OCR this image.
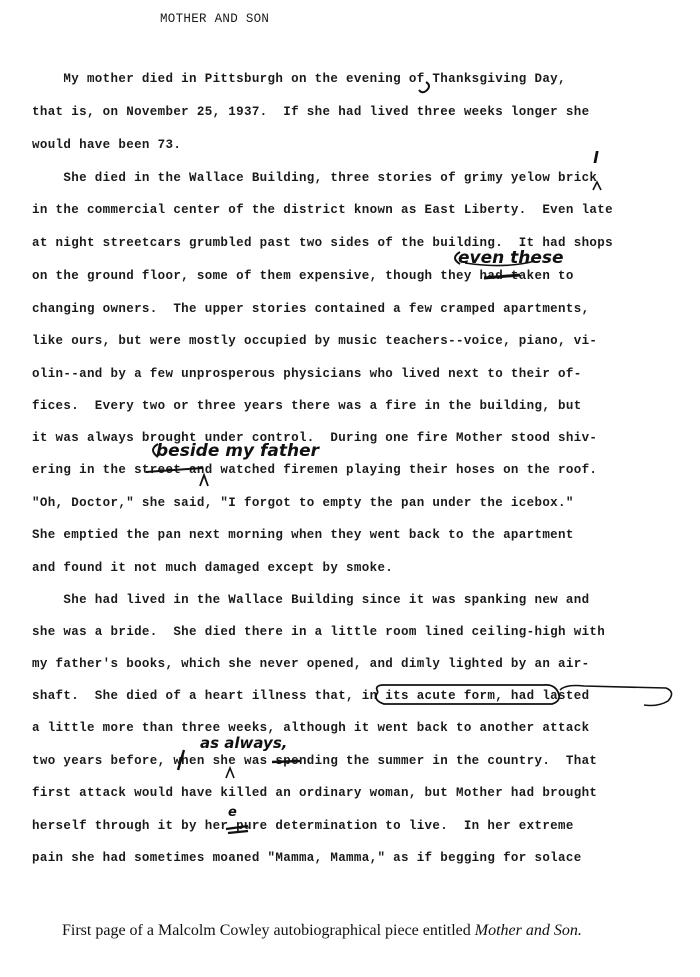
MOTHER AND SON
My mother died in Pittsburgh on the evening of Thanksgiving Day,
that is, on November 25, 1937.  If she had lived three weeks longer she
would have been 73.
She died in the Wallace Building, three stories of grimy yelow brick
in the commercial center of the district known as East Liberty.  Even late
at night streetcars grumbled past two sides of the building.  It had shops
on the ground floor, some of them expensive, though they had taken to
changing owners.  The upper stories contained a few cramped apartments,
like ours, but were mostly occupied by music teachers--voice, piano, vi-
olin--and by a few unprosperous physicians who lived next to their of-
fices.  Every two or three years there was a fire in the building, but
it was always brought under control.  During one fire Mother stood shiv-
ering in the street and watched firemen playing their hoses on the roof.
"Oh, Doctor," she said, "I forgot to empty the pan under the icebox."
She emptied the pan next morning when they went back to the apartment
and found it not much damaged except by smoke.
She had lived in the Wallace Building since it was spanking new and
she was a bride.  She died there in a little room lined ceiling-high with
my father's books, which she never opened, and dimly lighted by an air-
shaft.  She died of a heart illness that, in its acute form, had lasted
a little more than three weeks, although it went back to another attack
two years before, when she was spending the summer in the country.  That
first attack would have killed an ordinary woman, but Mother had brought
herself through it by her pure determination to live.  In her extreme
pain she had sometimes moaned "Mamma, Mamma," as if begging for solace
l
even these
beside my father
as always,
e
First page of a Malcolm Cowley autobiographical piece entitled Mother and Son.
